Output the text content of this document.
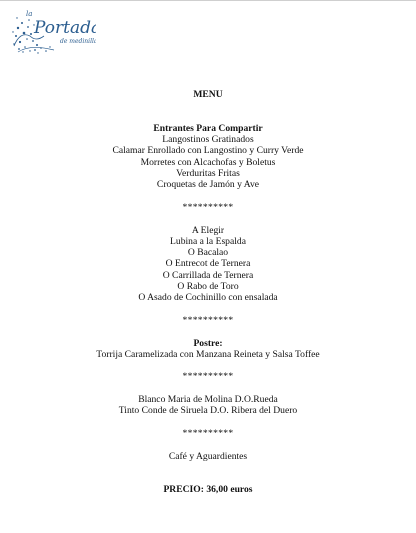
la
Portada
de medinilla
MENU
Entrantes Para Compartir
Langostinos Gratinados
Calamar Enrollado con Langostino y Curry Verde
Morretes con Alcachofas y Boletus
Verduritas Fritas
Croquetas de Jamón y Ave
**********
A Elegir
Lubina a la Espalda
O Bacalao
O Entrecot de Ternera
O Carrillada de Ternera
O Rabo de Toro
O Asado de Cochinillo con ensalada
**********
Postre:
Torrija Caramelizada con Manzana Reineta y Salsa Toffee
**********
Blanco Maria de Molina D.O.Rueda
Tinto Conde de Siruela D.O. Ribera del Duero
**********
Café y Aguardientes
PRECIO: 36,00 euros
